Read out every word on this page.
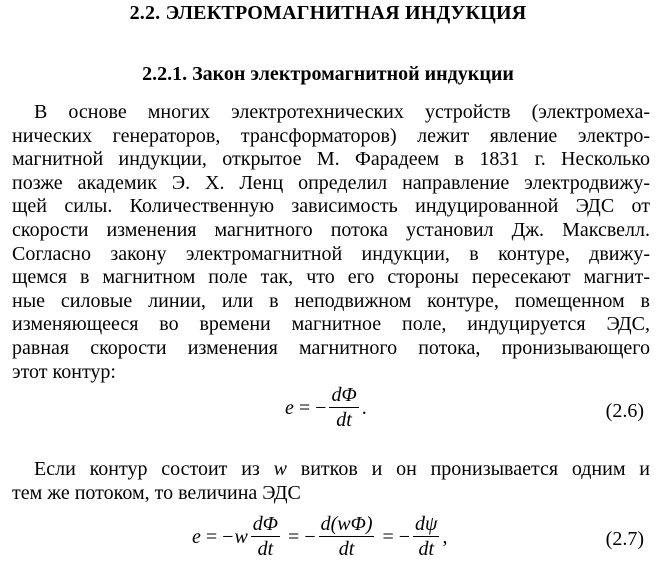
2.2. ЭЛЕКТРОМАГНИТНАЯ ИНДУКЦИЯ
2.2.1. Закон электромагнитной индукции
В основе многих электротехнических устройств (электромеха-
нических генераторов, трансформаторов) лежит явление электро-
магнитной индукции, открытое М. Фарадеем в 1831 г. Несколько
позже академик Э. Х. Ленц определил направление электродвижу-
щей силы. Количественную зависимость индуцированной ЭДС от
скорости изменения магнитного потока установил Дж. Максвелл.
Согласно закону электромагнитной индукции, в контуре, движу-
щемся в магнитном поле так, что его стороны пересекают магнит-
ные силовые линии, или в неподвижном контуре, помещенном в
изменяющееся во времени магнитное поле, индуцируется ЭДС,
равная скорости изменения магнитного потока, пронизывающего
этот контур:
e = − $\frac{d\Phi}{dt}$ .	(2.6)
Если контур состоит из w витков и он пронизывается одним и
тем же потоком, то величина ЭДС
e = − w $\frac{d\Phi}{dt}$ = − $\frac{d(w\Phi)}{dt}$ = − $\frac{d\psi}{dt}$ ,	(2.7)
